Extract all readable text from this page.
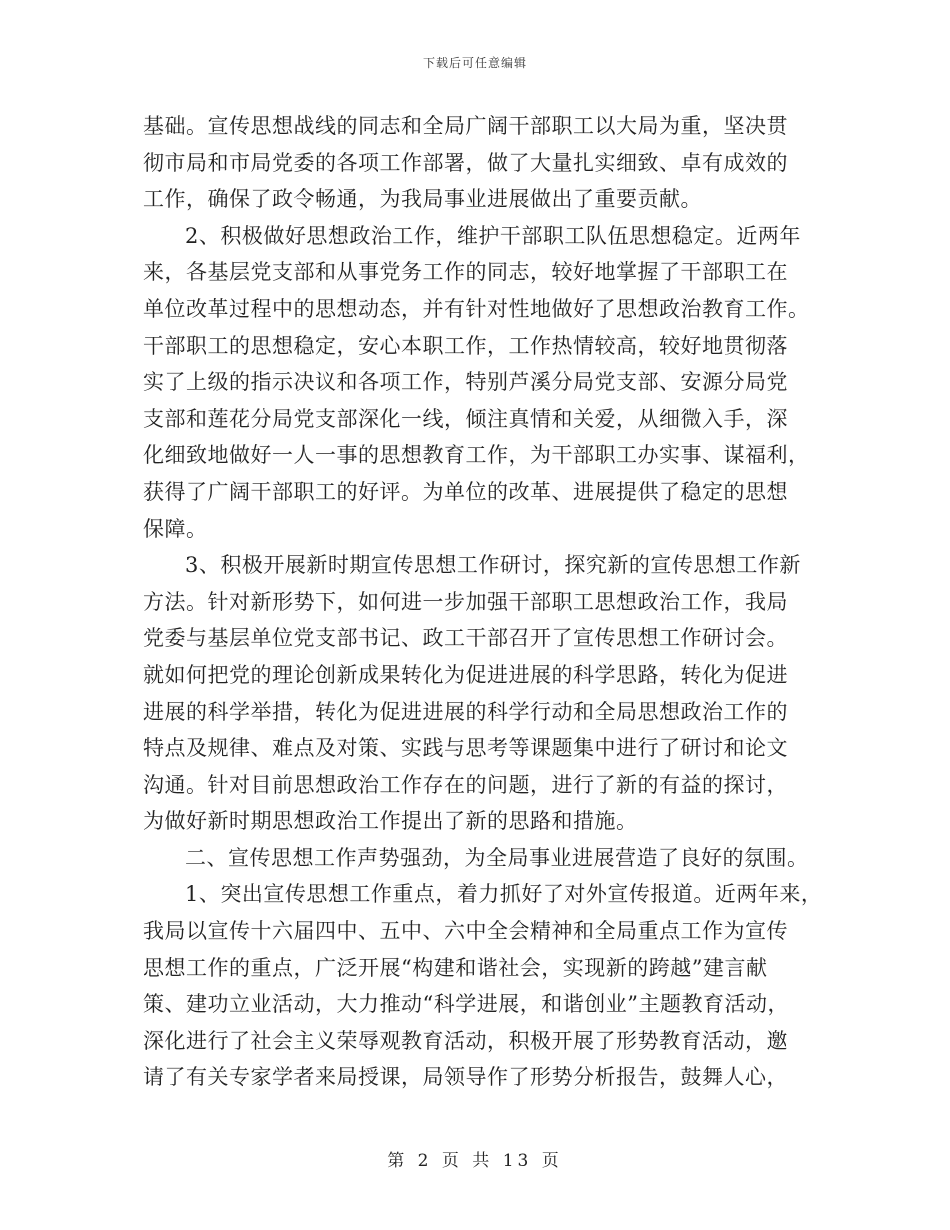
下载后可任意编辑
基础。宣传思想战线的同志和全局广阔干部职工以大局为重，坚决贯
彻市局和市局党委的各项工作部署，做了大量扎实细致、卓有成效的
工作，确保了政令畅通，为我局事业进展做出了重要贡献。
2、积极做好思想政治工作，维护干部职工队伍思想稳定。近两年
来，各基层党支部和从事党务工作的同志，较好地掌握了干部职工在
单位改革过程中的思想动态，并有针对性地做好了思想政治教育工作。
干部职工的思想稳定，安心本职工作，工作热情较高，较好地贯彻落
实了上级的指示决议和各项工作，特别芦溪分局党支部、安源分局党
支部和莲花分局党支部深化一线，倾注真情和关爱，从细微入手，深
化细致地做好一人一事的思想教育工作，为干部职工办实事、谋福利，
获得了广阔干部职工的好评。为单位的改革、进展提供了稳定的思想
保障。
3、积极开展新时期宣传思想工作研讨，探究新的宣传思想工作新
方法。针对新形势下，如何进一步加强干部职工思想政治工作，我局
党委与基层单位党支部书记、政工干部召开了宣传思想工作研讨会。
就如何把党的理论创新成果转化为促进进展的科学思路，转化为促进
进展的科学举措，转化为促进进展的科学行动和全局思想政治工作的
特点及规律、难点及对策、实践与思考等课题集中进行了研讨和论文
沟通。针对目前思想政治工作存在的问题，进行了新的有益的探讨，
为做好新时期思想政治工作提出了新的思路和措施。
二、宣传思想工作声势强劲，为全局事业进展营造了良好的氛围。
1、突出宣传思想工作重点，着力抓好了对外宣传报道。近两年来，
我局以宣传十六届四中、五中、六中全会精神和全局重点工作为宣传
思想工作的重点，广泛开展“构建和谐社会，实现新的跨越”建言献
策、建功立业活动，大力推动“科学进展，和谐创业”主题教育活动，
深化进行了社会主义荣辱观教育活动，积极开展了形势教育活动，邀
请了有关专家学者来局授课，局领导作了形势分析报告，鼓舞人心，
第 2 页 共 13 页
